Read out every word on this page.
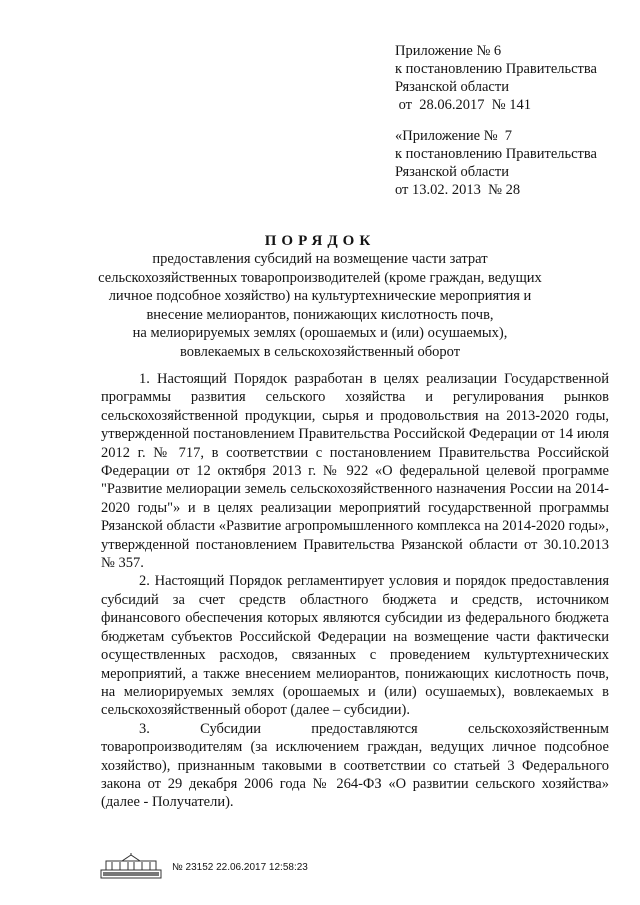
Приложение № 6
к постановлению Правительства
Рязанской области
от  28.06.2017  № 141
«Приложение №  7
к постановлению Правительства
Рязанской области
от 13.02. 2013  № 28
ПОРЯДОК
предоставления субсидий на возмещение части затрат
сельскохозяйственных товаропроизводителей (кроме граждан, ведущих
личное подсобное хозяйство) на культуртехнические мероприятия и
внесение мелиорантов, понижающих кислотность почв,
на мелиорируемых землях (орошаемых и (или) осушаемых),
вовлекаемых в сельскохозяйственный оборот

1. Настоящий Порядок разработан в целях реализации Государственной программы развития сельского хозяйства и регулирования рынков сельскохозяйственной продукции, сырья и продовольствия на 2013-2020 годы, утвержденной постановлением Правительства Российской Федерации от 14 июля 2012 г. № 717, в соответствии с постановлением Правительства Российской Федерации от 12 октября 2013 г. № 922 «О федеральной целевой программе "Развитие мелиорации земель сельскохозяйственного назначения России на 2014-2020 годы"» и в целях реализации мероприятий государственной программы Рязанской области «Развитие агропромышленного комплекса на 2014-2020 годы», утвержденной постановлением Правительства Рязанской области от 30.10.2013 № 357.

2. Настоящий Порядок регламентирует условия и порядок предоставления субсидий за счет средств областного бюджета и средств, источником финансового обеспечения которых являются субсидии из федерального бюджета бюджетам субъектов Российской Федерации на возмещение части фактически осуществленных расходов, связанных с проведением культуртехнических мероприятий, а также внесением мелиорантов, понижающих кислотность почв, на мелиорируемых землях (орошаемых и (или) осушаемых), вовлекаемых в сельскохозяйственный оборот (далее – субсидии).

3. Субсидии предоставляются сельскохозяйственным товаропроизводителям (за исключением граждан, ведущих личное подсобное хозяйство), признанным таковыми в соответствии со статьей 3 Федерального закона от 29 декабря 2006 года № 264-ФЗ «О развитии сельского хозяйства» (далее - Получатели).

№ 23152 22.06.2017 12:58:23
